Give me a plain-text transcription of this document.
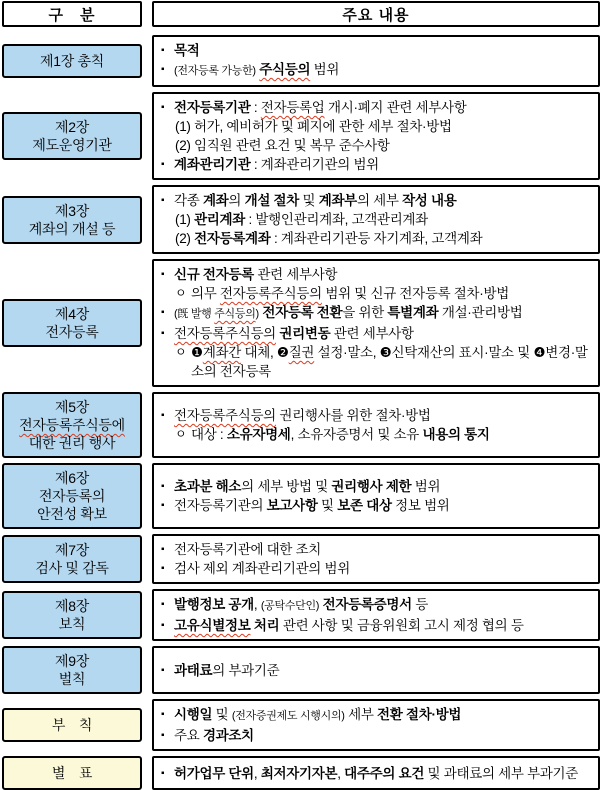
구　분	주요 내용
제1장 총칙
▪ 목적
▪ (전자등록 가능한) 주식등의 범위
제2장
제도운영기관
▪ 전자등록기관 : 전자등록업 개시·폐지 관련 세부사항
(1) 허가, 예비허가 및 폐지에 관한 세부 절차·방법
(2) 임직원 관련 요건 및 복무 준수사항
▪ 계좌관리기관 : 계좌관리기관의 범위
제3장
계좌의 개설 등
▪ 각종 계좌의 개설 절차 및 계좌부의 세부 작성 내용
(1) 관리계좌 : 발행인관리계좌, 고객관리계좌
(2) 전자등록계좌 : 계좌관리기관등 자기계좌, 고객계좌
제4장
전자등록
▪ 신규 전자등록 관련 세부사항
ㅇ 의무 전자등록주식등의 범위 및 신규 전자등록 절차·방법
▪ (旣 발행 주식등의) 전자등록 전환을 위한 특별계좌 개설·관리방법
▪ 전자등록주식등의 권리변동 관련 세부사항
ㅇ ❶계좌간 대체, ❷질권 설정·말소, ❸신탁재산의 표시·말소 및 ❹변경·말소의 전자등록
제5장
전자등록주식등에
대한 권리 행사
▪ 전자등록주식등의 권리행사를 위한 절차·방법
ㅇ 대상 : 소유자명세, 소유자증명서 및 소유 내용의 통지
제6장
전자등록의
안전성 확보
▪ 초과분 해소의 세부 방법 및 권리행사 제한 범위
▪ 전자등록기관의 보고사항 및 보존 대상 정보 범위
제7장
검사 및 감독
▪ 전자등록기관에 대한 조치
▪ 검사 제외 계좌관리기관의 범위
제8장
보칙
▪ 발행정보 공개, (공탁수단인) 전자등록증명서 등
▪ 고유식별정보 처리 관련 사항 및 금융위원회 고시 제정 협의 등
제9장
벌칙
▪ 과태료의 부과기준
부　칙
▪ 시행일 및 (전자증권제도 시행시의) 세부 전환 절차·방법
▪ 주요 경과조치
별　표	▪ 허가업무 단위, 최저자기자본, 대주주의 요건 및 과태료의 세부 부과기준
